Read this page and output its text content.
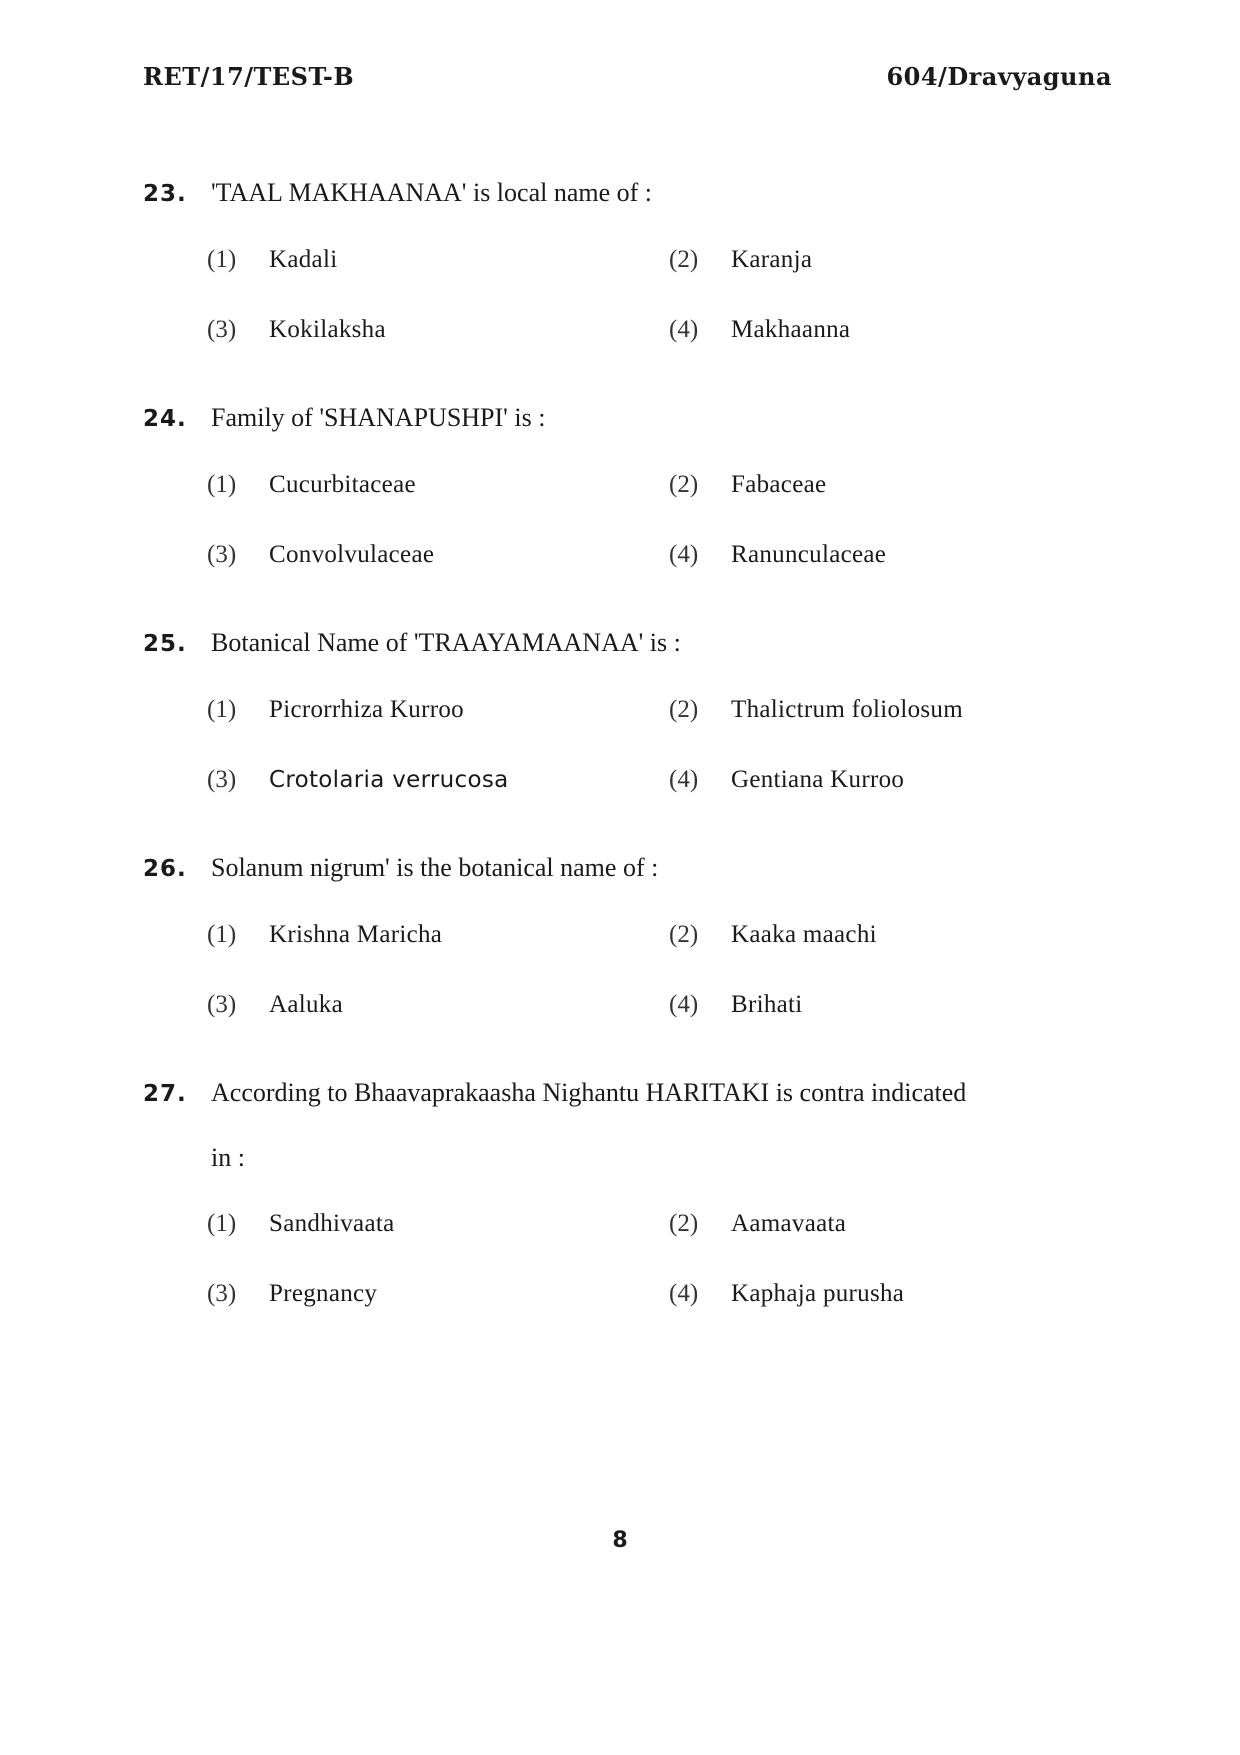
RET/17/TEST-B	604/Dravyaguna
23. 'TAAL MAKHAANAA' is local name of :
(1)	Kadali	(2)	Karanja
(3)	Kokilaksha	(4)	Makhaanna
24. Family of 'SHANAPUSHPI' is :
(1)	Cucurbitaceae	(2)	Fabaceae
(3)	Convolvulaceae	(4)	Ranunculaceae
25. Botanical Name of 'TRAAYAMAANAA' is :
(1)	Picrorrhiza Kurroo	(2)	Thalictrum foliolosum
(3)	Crotolaria verrucosa	(4)	Gentiana Kurroo
26. Solanum nigrum' is the botanical name of :
(1)	Krishna Maricha	(2)	Kaaka maachi
(3)	Aaluka	(4)	Brihati
27. According to Bhaavaprakaasha Nighantu HARITAKI is contra indicated
in :
(1)	Sandhivaata	(2)	Aamavaata
(3)	Pregnancy	(4)	Kaphaja purusha
8
